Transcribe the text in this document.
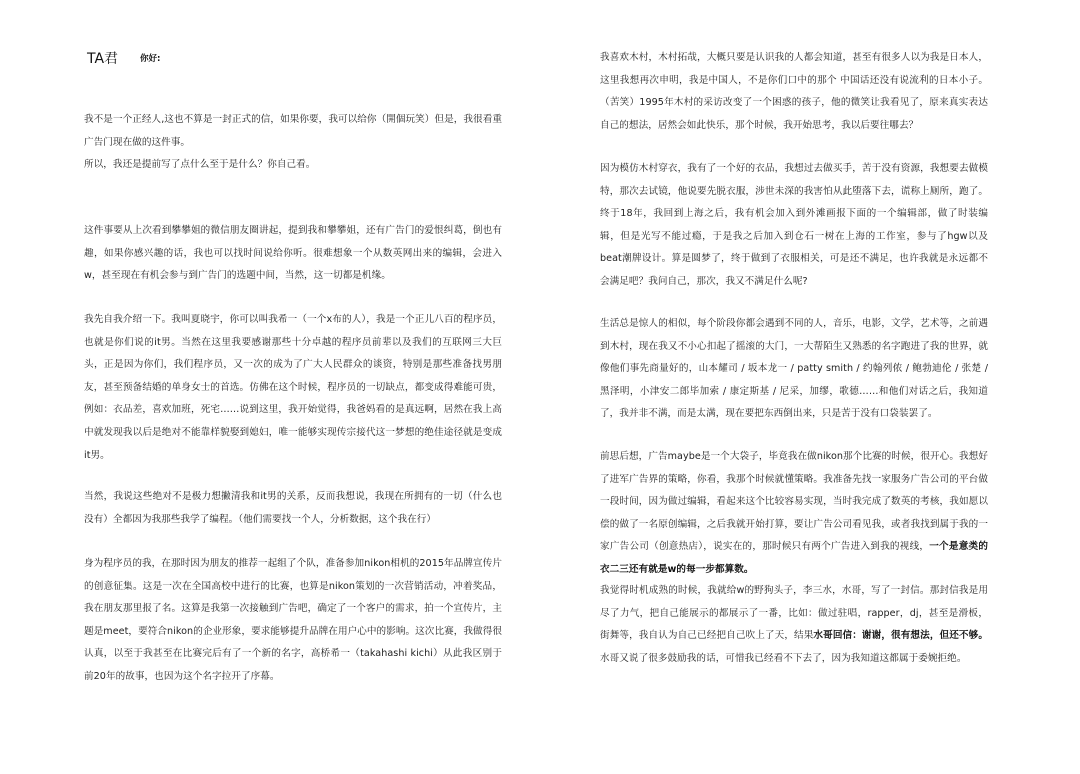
TA君	你好:

我不是一个正经人,这也不算是一封正式的信，如果你要，我可以给你（開個玩笑）但是，我很看重广告门现在做的这件事。

所以，我还是提前写了点什么至于是什么？你自己看。

这件事要从上次看到攀攀姐的微信朋友圈讲起，提到我和攀攀姐，还有广告门的爱恨纠葛，倒也有趣，如果你感兴趣的话，我也可以找时间说给你听。很难想象一个从数英网出来的编辑，会进入w，甚至现在有机会参与到广告门的选题中间，当然，这一切都是机缘。

我先自我介绍一下。我叫夏晓宇，你可以叫我希一（一个x布的人），我是一个正儿八百的程序员，也就是你们说的it男。当然在这里我要感谢那些十分卓越的程序员前辈以及我们的互联网三大巨头，正是因为你们，我们程序员，又一次的成为了广大人民群众的谈资，特别是那些准备找男朋友，甚至预备结婚的单身女士的首选。仿佛在这个时候，程序员的一切缺点，都变成得难能可贵，例如：衣品差，喜欢加班，死宅……说到这里，我开始觉得，我爸妈看的是真远啊，居然在我上高中就发现我以后是绝对不能靠样貌娶到媳妇，唯一能够实现传宗接代这一梦想的绝佳途径就是变成it男。

当然，我说这些绝对不是极力想撇清我和it男的关系，反而我想说，我现在所拥有的一切（什么也没有）全都因为我那些我学了编程。（他们需要找一个人，分析数据，这个我在行）

身为程序员的我，在那时因为朋友的推荐一起组了个队，准备参加nikon相机的2015年品牌宣传片的创意征集。这是一次在全国高校中进行的比赛，也算是nikon策划的一次营销活动，冲着奖品，我在朋友那里报了名。这算是我第一次接触到广告吧，确定了一个客户的需求，拍一个宣传片，主题是meet，要符合nikon的企业形象，要求能够提升品牌在用户心中的影响。这次比赛，我做得很认真，以至于我甚至在比赛完后有了一个新的名字，高桥希一（takahashi kichi）从此我区别于前20年的故事，也因为这个名字拉开了序幕。

我喜欢木村，木村拓哉，大概只要是认识我的人都会知道，甚至有很多人以为我是日本人，这里我想再次申明，我是中国人，不是你们口中的那个 中国话还没有说流利的日本小子。（苦笑）1995年木村的采访改变了一个困惑的孩子，他的微笑让我看见了，原来真实表达自己的想法，居然会如此快乐，那个时候，我开始思考，我以后要往哪去？

因为模仿木村穿衣，我有了一个好的衣品，我想过去做买手，苦于没有资源，我想要去做模特，那次去试镜，他说要先脱衣服，涉世未深的我害怕从此堕落下去，谎称上厕所，跑了。终于18年，我回到上海之后，我有机会加入到外滩画报下面的一个编辑部，做了时装编辑，但是光写不能过瘾，于是我之后加入到仓石一树在上海的工作室，参与了hgw以及beat潮牌设计。算是圆梦了，终于做到了衣服相关，可是还不满足，也许我就是永远都不会满足吧？我问自己，那次，我又不满足什么呢?

生活总是惊人的相似，每个阶段你都会遇到不同的人，音乐，电影，文学，艺术等，之前遇到木村，现在我又不小心扣起了摇滚的大门，一大帮陌生又熟悉的名字跑进了我的世界，就像他们事先商量好的，山本耀司 / 坂本龙一 / patty smith / 约翰列侬 / 鲍勃迪伦 / 张楚 / 黑泽明，小津安二郎毕加索 / 康定斯基 / 尼采，加缪，歌德……和他们对话之后，我知道了，我并非不满，而是太满，现在要把东西倒出来，只是苦于没有口袋装罢了。

前思后想，广告maybe是一个大袋子，毕竟我在做nikon那个比赛的时候，很开心。我想好了进军广告界的策略，你看，我那个时候就懂策略。我准备先找一家服务广告公司的平台做一段时间，因为做过编辑，看起来这个比较容易实现，当时我完成了数英的考核，我如愿以偿的做了一名原创编辑，之后我就开始打算，要让广告公司看见我，或者我找到属于我的一家广告公司（创意热店），说实在的，那时候只有两个广告进入到我的视线，一个是意类的 衣二三还有就是w的每一步都算数。

我觉得时机成熟的时候，我就给w的野狗头子，李三水，水哥，写了一封信。那封信我是用尽了力气，把自己能展示的都展示了一番，比如：做过驻唱，rapper，dj，甚至是滑板，街舞等，我自认为自己已经把自己吹上了天，结果水哥回信：谢谢，很有想法，但还不够。水哥又说了很多鼓励我的话，可惜我已经看不下去了，因为我知道这都属于委婉拒绝。
